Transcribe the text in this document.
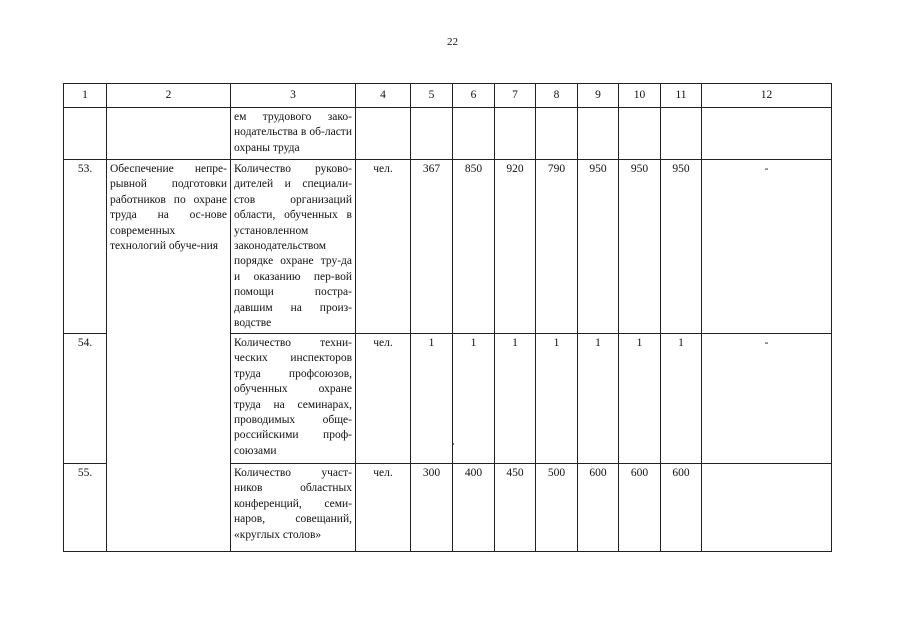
22
1	2	3	4	5	6	7	8	9	10	11	12
		ем трудового зако-нодательства в об-ласти охраны труда									
53.	Обеспечение непре-рывной подготовки работников по охране труда на ос-нове современных технологий обуче-ния	Количество руково-дителей и специали-стов организаций области, обученных в установленном законодательством порядке охране тру-да и оказанию пер-вой помощи постра-давшим на произ-водстве	чел.	367	850	920	790	950	950	950	-
54.		Количество техни-ческих инспекторов труда профсоюзов, обученных охране труда на семинарах, проводимых обще-российскими проф-союзами	чел.	1	1	1	1	1	1	1	-
55.		Количество участ-ников областных конференций, семи-наров, совещаний, «круглых столов»	чел.	300	400	450	500	600	600	600	
